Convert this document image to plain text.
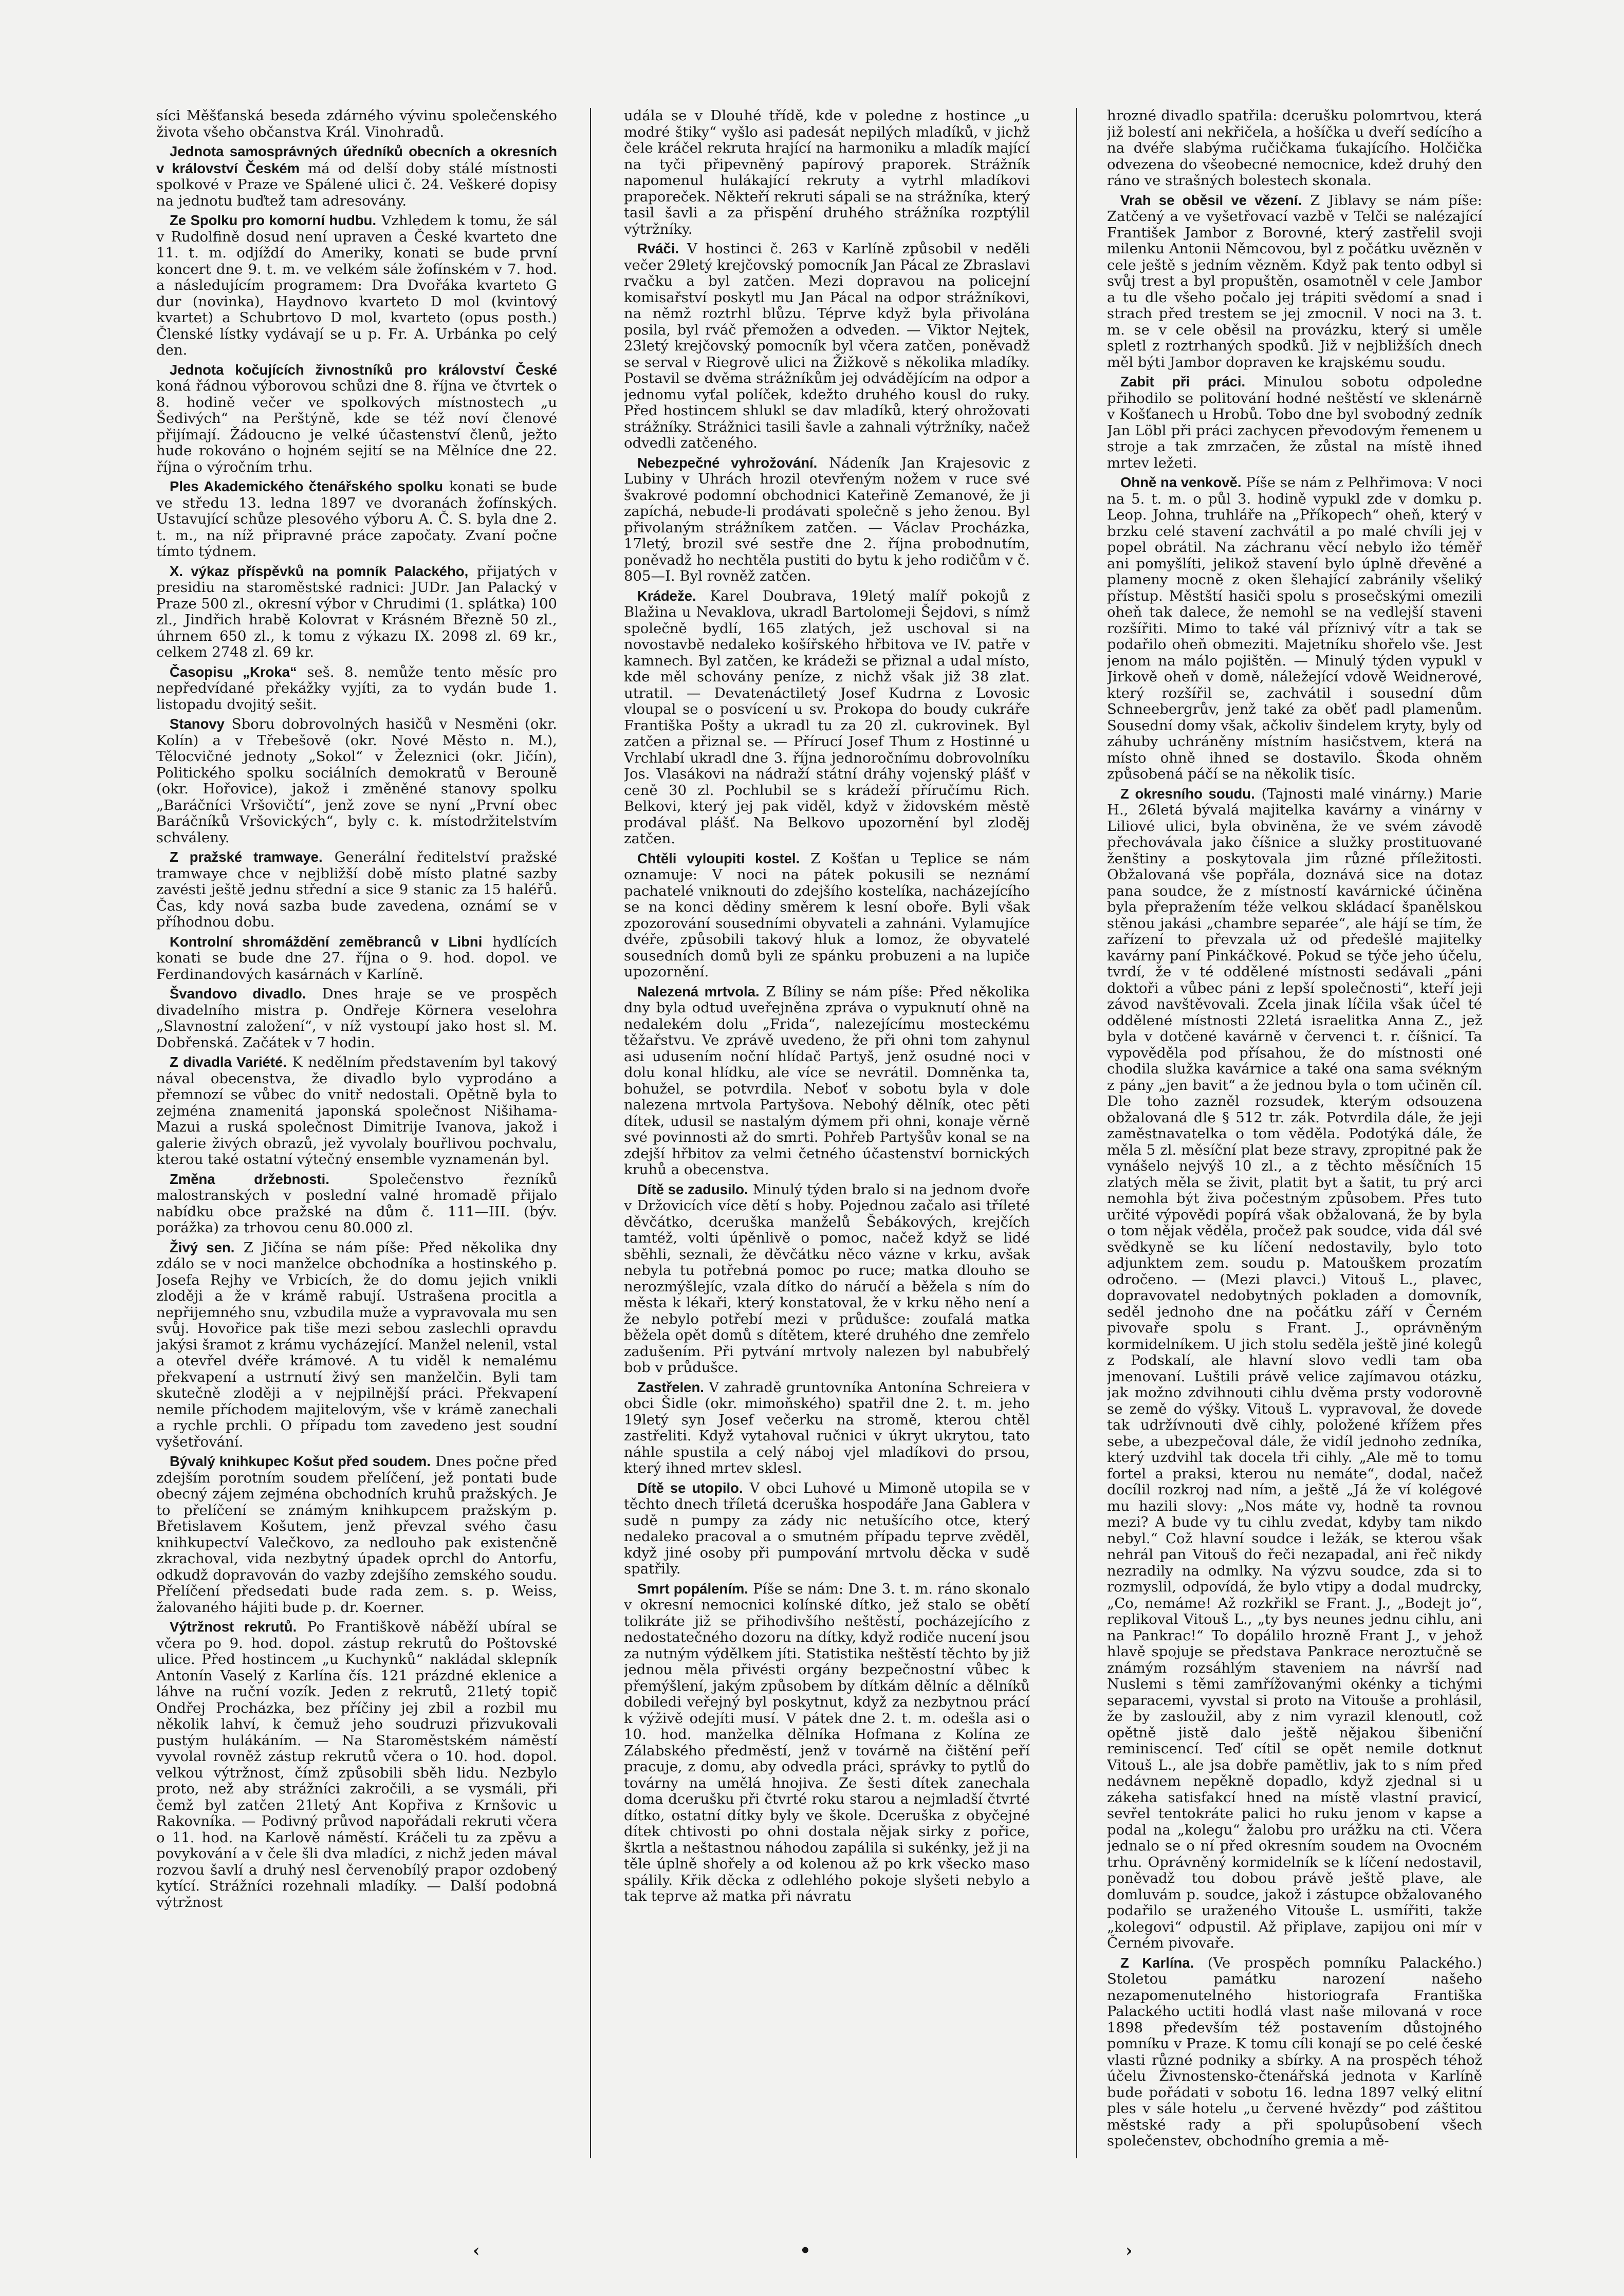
síci Měšťanská beseda zdárného vývinu společenského života všeho občanstva Král. Vinohradů.

Jednota samosprávných úředníků obecních a okresních v království Českém má od delší doby stálé místnosti spolkové v Praze ve Spálené ulici č. 24. Veškeré dopisy na jednotu buďtež tam adresovány.

Ze Spolku pro komorní hudbu. Vzhledem k tomu, že sál v Rudolfině dosud není upraven a České kvarteto dne 11. t. m. odjíždí do Ameriky, konati se bude první koncert dne 9. t. m. ve velkém sále žofínském v 7. hod. a následujícím programem: Dra Dvořáka kvarteto G dur (novinka), Haydnovo kvarteto D mol (kvintový kvartet) a Schubrtovo D mol, kvarteto (opus posth.) Členské lístky vydávají se u p. Fr. A. Urbánka po celý den.

Jednota kočujících živnostníků pro království České koná řádnou výborovou schůzi dne 8. října ve čtvrtek o 8. hodině večer ve spolkových místnostech „u Šedivých“ na Perštýně, kde se též noví členové přijímají. Žádoucno je velké účastenství členů, ježto hude rokováno o hojném sejití se na Mělníce dne 22. října o výročním trhu.

Ples Akademického čtenářského spolku konati se bude ve středu 13. ledna 1897 ve dvoranách žofínských. Ustavující schůze plesového výboru A. Č. S. byla dne 2. t. m., na níž připravné práce započaty. Zvaní počne tímto týdnem.

X. výkaz příspěvků na pomník Palackého, přijatých v presidiu na staroměstské radnici: JUDr. Jan Palacký v Praze 500 zl., okresní výbor v Chrudimi (1. splátka) 100 zl., Jindřich hrabě Kolovrat v Krásném Březně 50 zl., úhrnem 650 zl., k tomu z výkazu IX. 2098 zl. 69 kr., celkem 2748 zl. 69 kr.

Časopisu „Kroka“ seš. 8. nemůže tento měsíc pro nepředvídané překážky vyjíti, za to vydán bude 1. listopadu dvojitý sešit.

Stanovy Sboru dobrovolných hasičů v Nesměni (okr. Kolín) a v Třebešově (okr. Nové Město n. M.), Tělocvičné jednoty „Sokol“ v Železnici (okr. Jičín), Politického spolku sociálních demokratů v Berouně (okr. Hořovice), jakož i změněné stanovy spolku „Baráčníci Vršovičtí“, jenž zove se nyní „První obec Baráčníků Vršovických“, byly c. k. místodržitelstvím schváleny.

Z pražské tramwaye. Generální ředitelství pražské tramwaye chce v nejbližší době místo platné sazby zavésti ještě jednu střední a sice 9 stanic za 15 haléřů. Čas, kdy nová sazba bude zavedena, oznámí se v příhodnou dobu.

Kontrolní shromáždění zeměbranců v Libni hydlících konati se bude dne 27. října o 9. hod. dopol. ve Ferdinandových kasárnách v Karlíně.

Švandovo divadlo. Dnes hraje se ve prospěch divadelního mistra p. Ondřeje Körnera veselohra „Slavnostní založení“, v níž vystoupí jako host sl. M. Dobřenská. Začátek v 7 hodin.

Z divadla Variété. K nedělním představením byl takový nával obecenstva, že divadlo bylo vyprodáno a přemnozí se vůbec do vnitř nedostali. Opětně byla to zejména znamenitá japonská společnost Nišihama-Mazui a ruská společnost Dimitrije Ivanova, jakož i galerie živých obrazů, jež vyvolaly bouřlivou pochvalu, kterou také ostatní výtečný ensemble vyznamenán byl.

Změna držebnosti.	Společenstvo řezníků malostranských v poslední valné hromadě přijalo nabídku obce pražské na dům č. 111—III. (býv. porážka) za trhovou cenu 80.000 zl.

Živý sen. Z Jičína se nám píše: Před několika dny zdálo se v noci manželce obchodníka a hostinského p. Josefa Rejhy ve Vrbicích, že do domu jejich vnikli zloději a že v krámě rabují. Ustrašena procitla a nepřijemného snu, vzbudila muže a vypravovala mu sen svůj. Hovořice pak tiše mezi sebou zaslechli opravdu jakýsi šramot z krámu vycházející. Manžel nelenil, vstal a otevřel dvéře krámové. A tu viděl k nemalému překvapení a ustrnutí živý sen manželčin. Byli tam skutečně zloději a v nejpilnější práci. Překvapení nemile příchodem majitelovým, vše v krámě zanechali a rychle prchli. O případu tom zavedeno jest soudní vyšetřování.

Bývalý knihkupec Košut před soudem. Dnes počne před zdejším porotním soudem přelíčení, jež pontati bude obecný zájem zejména obchodních kruhů pražských. Je to přelíčení se známým knihkupcem pražským p. Břetislavem Košutem, jenž převzal svého času knihkupectví Valečkovo, za nedlouho pak existenčně zkrachoval, vida nezbytný úpadek oprchl do Antorfu, odkudž dopravován do vazby zdejšího zemského soudu. Přelíčení předsedati bude rada zem. s. p. Weiss, žalovaného hájiti bude p. dr. Koerner.

Výtržnost rekrutů. Po Františkově náběží ubíral se včera po 9. hod. dopol. zástup rekrutů do Poštovské ulice. Před hostincem „u Kuchynků“ nakládal sklepník Antonín Vaselý z Karlína čís. 121 prázdné eklenice a láhve na ruční vozík. Jeden z rekrutů, 21letý topič Ondřej Procházka, bez příčiny jej zbil a rozbil mu několik lahví, k čemuž jeho soudruzi přizvukovali pustým hulákáním. — Na Staroměstském náměstí vyvolal rovněž zástup rekrutů včera o 10. hod. dopol. velkou výtržnost, čímž způsobili sběh lidu. Nezbylo proto, než aby strážníci zakročili, a se vysmáli, při čemž byl zatčen 21letý Ant Kopřiva z Krnšovic u Rakovníka. — Podivný průvod napořádali rekruti včera o 11. hod. na Karlově náměstí. Kráčeli tu za zpěvu a povykování a v čele šli dva mladíci, z nichž jeden mával rozvou šavlí a druhý nesl červenobílý prapor ozdobený kytící. Strážníci rozehnali mladíky. — Další podobná výtržnost

udála se v Dlouhé třídě, kde v poledne z hostince „u modré štiky“ vyšlo asi padesát nepilých mladíků, v jichž čele kráčel rekruta hrající na harmoniku a mladík mající na tyči připevněný papírový praporek. Strážník napomenul hulákající rekruty a vytrhl mladíkovi praporeček. Někteří rekruti sápali se na strážníka, který tasil šavli a za přispění druhého strážníka rozptýlil výtržníky.

Rváči. V hostinci č. 263 v Karlíně způsobil v neděli večer 29letý krejčovský pomocník Jan Pácal ze Zbraslavi rvačku a byl zatčen. Mezi dopravou na policejní komisařství poskytl mu Jan Pácal na odpor strážníkovi, na němž roztrhl blůzu. Téprve když byla přivolána posila, byl rváč přemožen a odveden. — Viktor Nejtek, 23letý krejčovský pomocník byl včera zatčen, poněvadž se serval v Riegrově ulici na Žižkově s několika mladíky. Postavil se dvěma strážníkům jej odvádějícím na odpor a jednomu vyťal políček, kdežto druhého kousl do ruky. Před hostincem shlukl se dav mladíků, který ohrožovati strážníky. Strážnici tasili šavle a zahnali výtržníky, načež odvedli zatčeného.

Nebezpečné vyhrožování. Nádeník Jan Krajesovic z Lubiny v Uhrách hrozil otevřeným nožem v ruce své švakrové podomní obchodnici Kateřině Zemanové, že ji zapíchá, nebude-li prodávati společně s jeho ženou. Byl přivolaným strážníkem zatčen. — Václav Procházka, 17letý, brozil své sestře dne 2. října probodnutím, poněvadž ho nechtěla pustiti do bytu k jeho rodičům v č. 805—I. Byl rovněž zatčen.

Krádeže. Karel Doubrava, 19letý malíř pokojů z Blažina u Nevaklova, ukradl Bartolomeji Šejdovi, s nímž společně bydlí, 165 zlatých, jež uschoval si na novostavbě nedaleko košířského hřbitova ve IV. patře v kamnech. Byl zatčen, ke krádeži se přiznal a udal místo, kde měl schovány peníze, z nichž však již 38 zlat. utratil. — Devatenáctiletý Josef Kudrna z Lovosic vloupal se o posvícení u sv. Prokopa do boudy cukráře Františka Pošty a ukradl tu za 20 zl. cukrovinek. Byl zatčen a přiznal se. — Přírucí Josef Thum z Hostinné u Vrchlabí ukradl dne 3. října jednoročnímu dobrovolníku Jos. Vlasákovi na nádraží státní dráhy vojenský plášť v ceně 30 zl. Pochlubil se s krádeží příručímu Rich. Belkovi, který jej pak viděl, když v židovském městě prodával plášť. Na Belkovo upozornění byl zloděj zatčen.

Chtěli vyloupiti kostel. Z Košťan u Teplice se nám oznamuje: V noci na pátek pokusili se neznámí pachatelé vniknouti do zdejšího kostelíka, nacházejícího se na konci dědiny směrem k lesní oboře. Byli však zpozorování sousedními obyvateli a zahnáni. Vylamujíce dvéře, způsobili takový hluk a lomoz, že obyvatelé sousedních domů byli ze spánku probuzeni a na lupiče upozornění.

Nalezená mrtvola. Z Bíliny se nám píše: Před několika dny byla odtud uveřejněna zpráva o vypuknutí ohně na nedalekém dolu „Frida“, nalezejícímu mosteckému těžařstvu. Ve zprávě uvedeno, že při ohni tom zahynul asi udusením noční hlídač Partyš, jenž osudné noci v dolu konal hlídku, ale více se nevrátil. Domněnka ta, bohužel, se potvrdila. Neboť v sobotu byla v dole nalezena mrtvola Partyšova. Nebohý dělník, otec pěti dítek, udusil se nastalým dýmem při ohni, konaje věrně své povinnosti až do smrti. Pohřeb Partyšův konal se na zdejší hřbitov za velmi četného účastenství bornických kruhů a obecenstva.

Dítě se zadusilo. Minulý týden bralo si na jednom dvoře v Držovicích více dětí s hoby. Pojednou začalo asi tříleté děvčátko, dceruška manželů Šebákových, krejčích tamtéž, volti úpěnlivě o pomoc, načež když se lidé sběhli, seznali, že děvčátku něco vázne v krku, avšak nebyla tu potřebná pomoc po ruce; matka dlouho se nerozmýšlejíc, vzala dítko do náručí a běžela s ním do města k lékaři, který konstatoval, že v krku něho není a že nebylo potřebí mezi v průdušce: zoufalá matka běžela opět domů s dítětem, které druhého dne zemřelo zadušením. Při pytvání mrtvoly nalezen byl nabubřelý bob v průdušce.

Zastřelen. V zahradě gruntovníka Antonína Schreiera v obci Šidle (okr. mimoňského) spatřil dne 2. t. m. jeho 19letý syn Josef večerku na stromě, kterou chtěl zastřeliti. Když vytahoval ručnici v úkryt ukrytou, tato náhle spustila a celý náboj vjel mladíkovi do prsou, který ihned mrtev sklesl.

Dítě se utopilo. V obci Luhové u Mimoně utopila se v těchto dnech tříletá dceruška hospodáře Jana Gablera v sudě n pumpy za zády nic netušícího otce, který nedaleko pracoval a o smutném případu teprve zvěděl, když jiné osoby při pumpování mrtvolu děcka v sudě spatřily.

Smrt popálením. Píše se nám: Dne 3. t. m. ráno skonalo v okresní nemocnici kolínské dítko, jež stalo se obětí tolikráte již se přihodivšího neštěstí, pocházejícího z nedostatečného dozoru na dítky, když rodiče nucení jsou za nutným výdělkem jíti. Statistika neštěstí těchto by již jednou měla přivésti orgány bezpečnostní vůbec k přemýšlení, jakým způsobem by dítkám dělníc a dělníků dobiledi veřejný byl poskytnut, když za nezbytnou prácí k výživě odejíti musí. V pátek dne 2. t. m. odešla asi o 10. hod. manželka dělníka Hofmana z Kolína ze Zálabského předměstí, jenž v továrně na čištění peří pracuje, z domu, aby odvedla práci, správky to pytlů do továrny na umělá hnojiva. Ze šesti dítek zanechala doma dcerušku při čtvrté roku starou a nejmladší čtvrté dítko, ostatní dítky byly ve škole. Dceruška z obyčejné dítek chtivosti po ohni dostala nějak sirky z pořice, škrtla a neštastnou náhodou zapálila si sukénky, jež ji na těle úplně shořely a od kolenou až po krk všecko maso spálily. Křik děcka z odlehlého pokoje slyšeti nebylo a tak teprve až matka při návratu

hrozné divadlo spatřila: dcerušku polomrtvou, která již bolestí ani nekřičela, a hošíčka u dveří sedícího a na dvéře slabýma ručičkama ťukajícího. Holčička odvezena do všeobecné nemocnice, kdež druhý den ráno ve strašných bolestech skonala.

Vrah se oběsil ve vězení. Z Jiblavy se nám píše: Zatčený a ve vyšetřovací vazbě v Telči se nalézající František Jambor z Borovné, který zastřelil svoji milenku Antonii Němcovou, byl z počátku uvězněn v cele ještě s jedním vězněm. Když pak tento odbyl si svůj trest a byl propuštěn, osamotněl v cele Jambor a tu dle všeho počalo jej trápiti svědomí a snad i strach před trestem se jej zmocnil. V noci na 3. t. m. se v cele oběsil na provázku, který si uměle spletl z roztrhaných spodků. Již v nejbližších dnech měl býti Jambor dopraven ke krajskému soudu.

Zabit při práci. Minulou sobotu odpoledne přihodilo se politování hodné neštěstí ve sklenárně v Košťanech u Hrobů. Tobo dne byl svobodný zedník Jan Löbl při práci zachycen převodovým řemenem u stroje a tak zmrzačen, že zůstal na místě ihned mrtev ležeti.

Ohně na venkově. Píše se nám z Pelhřimova: V noci na 5. t. m. o půl 3. hodině vypukl zde v domku p. Leop. Johna, truhláře na „Příkopech“ oheň, který v brzku celé stavení zachvátil a po malé chvíli jej v popel obrátil. Na záchranu věcí nebylo ižo téměř ani pomyšlíti, jelikož stavení bylo úplně dřevěné a plameny mocně z oken šlehající zabránily všeliký přístup. Městští hasiči spolu s prosečskými omezili oheň tak dalece, že nemohl se na vedlejší staveni rozšířiti. Mimo to také vál příznivý vítr a tak se podařilo oheň obmeziti. Majetníku shořelo vše. Jest jenom na málo pojištěn. — Minulý týden vypukl v Jirkově oheň v domě, náležející vdově Weidnerové, který rozšířil se, zachvátil i sousední dům Schneebergrův, jenž také za oběť padl plamenům. Sousední domy však, ačkoliv šindelem kryty, byly od záhuby uchráněny místním hasičstvem, která na místo ohně ihned se dostavilo. Škoda ohněm způsobená páčí se na několik tisíc.

Z okresního soudu. (Tajnosti malé vinárny.) Marie H., 26letá bývalá majitelka kavárny a vinárny v Liliové ulici, byla obviněna, že ve svém závodě přechovávala jako číšnice a služky prostituované ženštiny a poskytovala jim různé příležitosti. Obžalovaná vše popřála, doznává sice na dotaz pana soudce, že z místností kavárnické účiněna byla přepražením téže velkou skládací španělskou stěnou jakási „chambre separée“, ale hájí se tím, že zařízení to převzala už od předešlé majitelky kavárny paní Pinkáčkové. Pokud se týče jeho účelu, tvrdí, že v té oddělené místnosti sedávali „páni doktoři a vůbec páni z lepší společnosti“, kteří jeji závod navštěvovali. Zcela jinak líčila však účel té oddělené místnosti 22letá israelitka Anna Z., jež byla v dotčené kavárně v červenci t. r. číšnicí. Ta vypověděla pod přísahou, že do místnosti oné chodila služka kavárnice a také ona sama svékným z pány „jen bavit“ a že jednou byla o tom učiněn cíl. Dle toho zazněl rozsudek, kterým odsouzena obžalovaná dle § 512 tr. zák. Potvrdila dále, že jeji zaměstnavatelka o tom věděla. Podotýká dále, že měla 5 zl. měsíční plat beze stravy, zpropitné pak že vynášelo nejvýš 10 zl., a z těchto měsíčních 15 zlatých měla se živit, platit byt a šatit, tu prý arci nemohla být živa počestným způsobem. Přes tuto určité výpovědi popírá však obžalovaná, že by byla o tom nějak věděla, pročež pak soudce, vida dál své svědkyně se ku líčení nedostavily, bylo toto adjunktem zem. soudu p. Matouškem prozatím odročeno. — (Mezi plavci.) Vitouš L., plavec, dopravovatel nedobytných pokladen a domovník, seděl jednoho dne na počátku září v Černém pivovaře spolu s Frant. J., oprávněným kormidelníkem. U jich stolu seděla ještě jiné kolegů z Podskalí, ale hlavní slovo vedli tam oba jmenovaní. Luštili právě velice zajímavou otázku, jak možno zdvihnouti cihlu dvěma prsty vodorovně se země do výšky. Vitouš L. vypravoval, že dovede tak udržívnouti dvě cihly, položené křížem přes sebe, a ubezpečoval dále, že vidíl jednoho zedníka, který uzdvihl tak docela tři cihly. „Ale mě to tomu fortel a praksi, kterou nu nemáte“, dodal, načež docílil rozkroj nad ním, a ještě „Já že ví kolégové mu hazili slovy: „Nos máte vy, hodně ta rovnou mezi? A bude vy tu cihlu zvedat, kdyby tam nikdo nebyl.“ Což hlavní soudce i ležák, se kterou však nehrál pan Vitouš do řeči nezapadal, ani řeč nikdy nezradily na odmlky. Na výzvu soudce, zda si to rozmyslil, odpovídá, že bylo vtipy a dodal mudrcky, „Co, nemáme! Až rozkřikl se Frant. J., „Bodejt jo“, replikoval Vitouš L., „ty bys neunes jednu cihlu, ani na Pankrac!“ To dopálilo hrozně Frant J., v jehož hlavě spojuje se představa Pankrace neroztučně se známým rozsáhlým staveniem na návrší nad Nuslemi s těmi zamřížovanými okénky a tichými separacemi, vyvstal si proto na Vitouše a prohlásil, že by zasloužil, aby z nim vyrazil klenoutl, což opětně jistě dalo ještě nějakou šibeniční reminiscencí. Teď cítil se opět nemile dotknut Vitouš L., ale jsa dobře pamětliv, jak to s ním před nedávnem nepěkně dopadlo, když zjednal si u zákeha satisfakcí hned na místě vlastní pravicí, sevřel tentokráte palici ho ruku jenom v kapse a podal na „kolegu“ žalobu pro urážku na cti. Včera jednalo se o ní před okresním soudem na Ovocném trhu. Oprávněný kormidelník se k líčení nedostavil, poněvadž tou dobou právě ještě plave, ale domluvám p. soudce, jakož i zástupce obžalovaného podařilo se uraženého Vitouše L. usmířiti, takže „kolegovi“ odpustil. Až připlave, zapijou oni mír v Černém pivovaře.

Z Karlína. (Ve prospěch pomníku Palackého.) Stoletou památku narození našeho nezapomenutelného historiografa Františka Palackého uctiti hodlá vlast naše milovaná v roce 1898 především též postavením důstojného pomníku v Praze. K tomu cíli konají se po celé české vlasti různé podniky a sbírky. A na prospěch téhož účelu Živnostensko-čtenářská jednota v Karlíně bude pořádati v sobotu 16. ledna 1897 velký elitní ples v sále hotelu „u červené hvězdy“ pod záštitou městské rady a při spolupůsobení všech společenstev, obchodního gremia a mě-

‹	•	›
